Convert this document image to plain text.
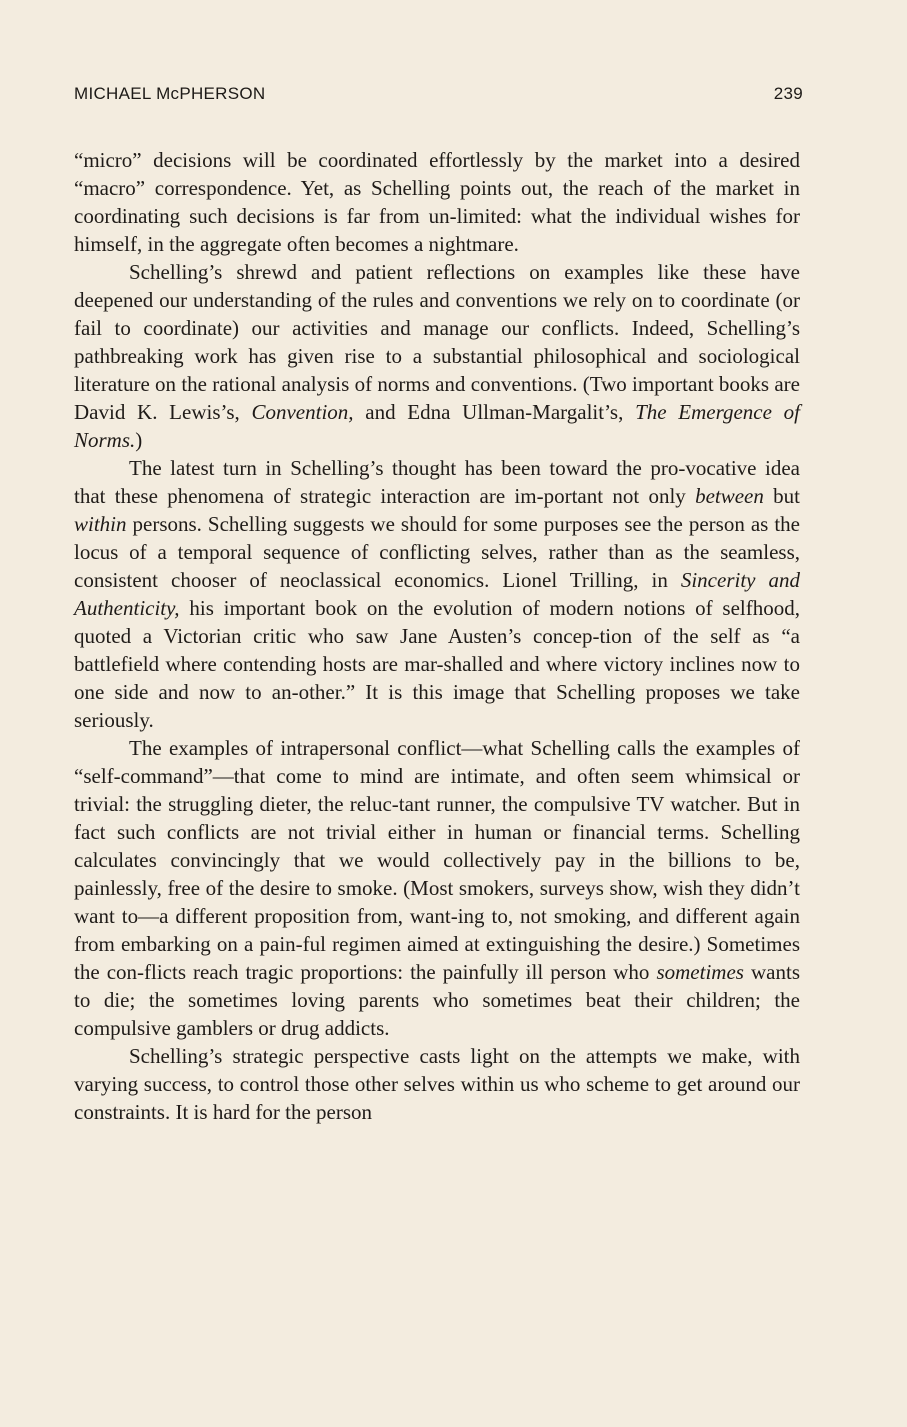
MICHAEL McPHERSON	239

“micro” decisions will be coordinated effortlessly by the market into a desired “macro” correspondence. Yet, as Schelling points out, the reach of the market in coordinating such decisions is far from un-limited: what the individual wishes for himself, in the aggregate often becomes a nightmare.

Schelling’s shrewd and patient reflections on examples like these have deepened our understanding of the rules and conventions we rely on to coordinate (or fail to coordinate) our activities and manage our conflicts. Indeed, Schelling’s pathbreaking work has given rise to a substantial philosophical and sociological literature on the rational analysis of norms and conventions. (Two important books are David K. Lewis’s, Convention, and Edna Ullman-Margalit’s, The Emergence of Norms.)

The latest turn in Schelling’s thought has been toward the pro-vocative idea that these phenomena of strategic interaction are im-portant not only between but within persons. Schelling suggests we should for some purposes see the person as the locus of a temporal sequence of conflicting selves, rather than as the seamless, consistent chooser of neoclassical economics. Lionel Trilling, in Sincerity and Authenticity, his important book on the evolution of modern notions of selfhood, quoted a Victorian critic who saw Jane Austen’s concep-tion of the self as “a battlefield where contending hosts are mar-shalled and where victory inclines now to one side and now to an-other.” It is this image that Schelling proposes we take seriously.

The examples of intrapersonal conflict—what Schelling calls the examples of “self-command”—that come to mind are intimate, and often seem whimsical or trivial: the struggling dieter, the reluc-tant runner, the compulsive TV watcher. But in fact such conflicts are not trivial either in human or financial terms. Schelling calculates convincingly that we would collectively pay in the billions to be, painlessly, free of the desire to smoke. (Most smokers, surveys show, wish they didn’t want to—a different proposition from, want-ing to, not smoking, and different again from embarking on a pain-ful regimen aimed at extinguishing the desire.) Sometimes the con-flicts reach tragic proportions: the painfully ill person who sometimes wants to die; the sometimes loving parents who sometimes beat their children; the compulsive gamblers or drug addicts.

Schelling’s strategic perspective casts light on the attempts we make, with varying success, to control those other selves within us who scheme to get around our constraints. It is hard for the person
